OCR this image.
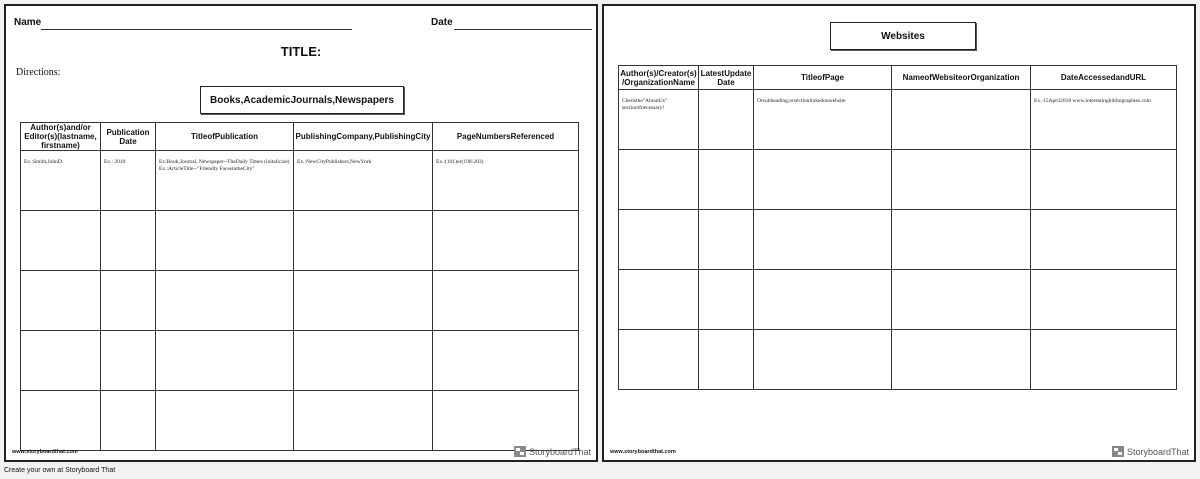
Name	Date
TITLE:
Directions:
Books,AcademicJournals,Newspapers
Author(s)and/or Editor(s)(lastname, firstname)	Publication Date	TitleofPublication	PublishingCompany,PublishingCity	PageNumbersReferenced

Ex.:Smith,JohnD.	Ex.: 2010	Ex:Book,Journal, Newspaper--TheDaily Times (initalicize) Ex.:ArticleTitle--"Friendly FacesintheCity"	Ex.:NewCityPublishers,NewYork	Ex.:(101)or(198-203)

www.storyboardthat.com	StoryboardThat
Websites
Author(s)/Creator(s) /OrganizationName	LatestUpdate Date	TitleofPage	NameofWebsiteorOrganization	DateAccessedandURL

Checkthe"AboutUs" sectionifnecessary!		Orsubheading,orsectionlinkedonwebsite		Ex.:15April2018 www.interestingbibliographies.com

www.storyboardthat.com	StoryboardThat
Create your own at Storyboard That
